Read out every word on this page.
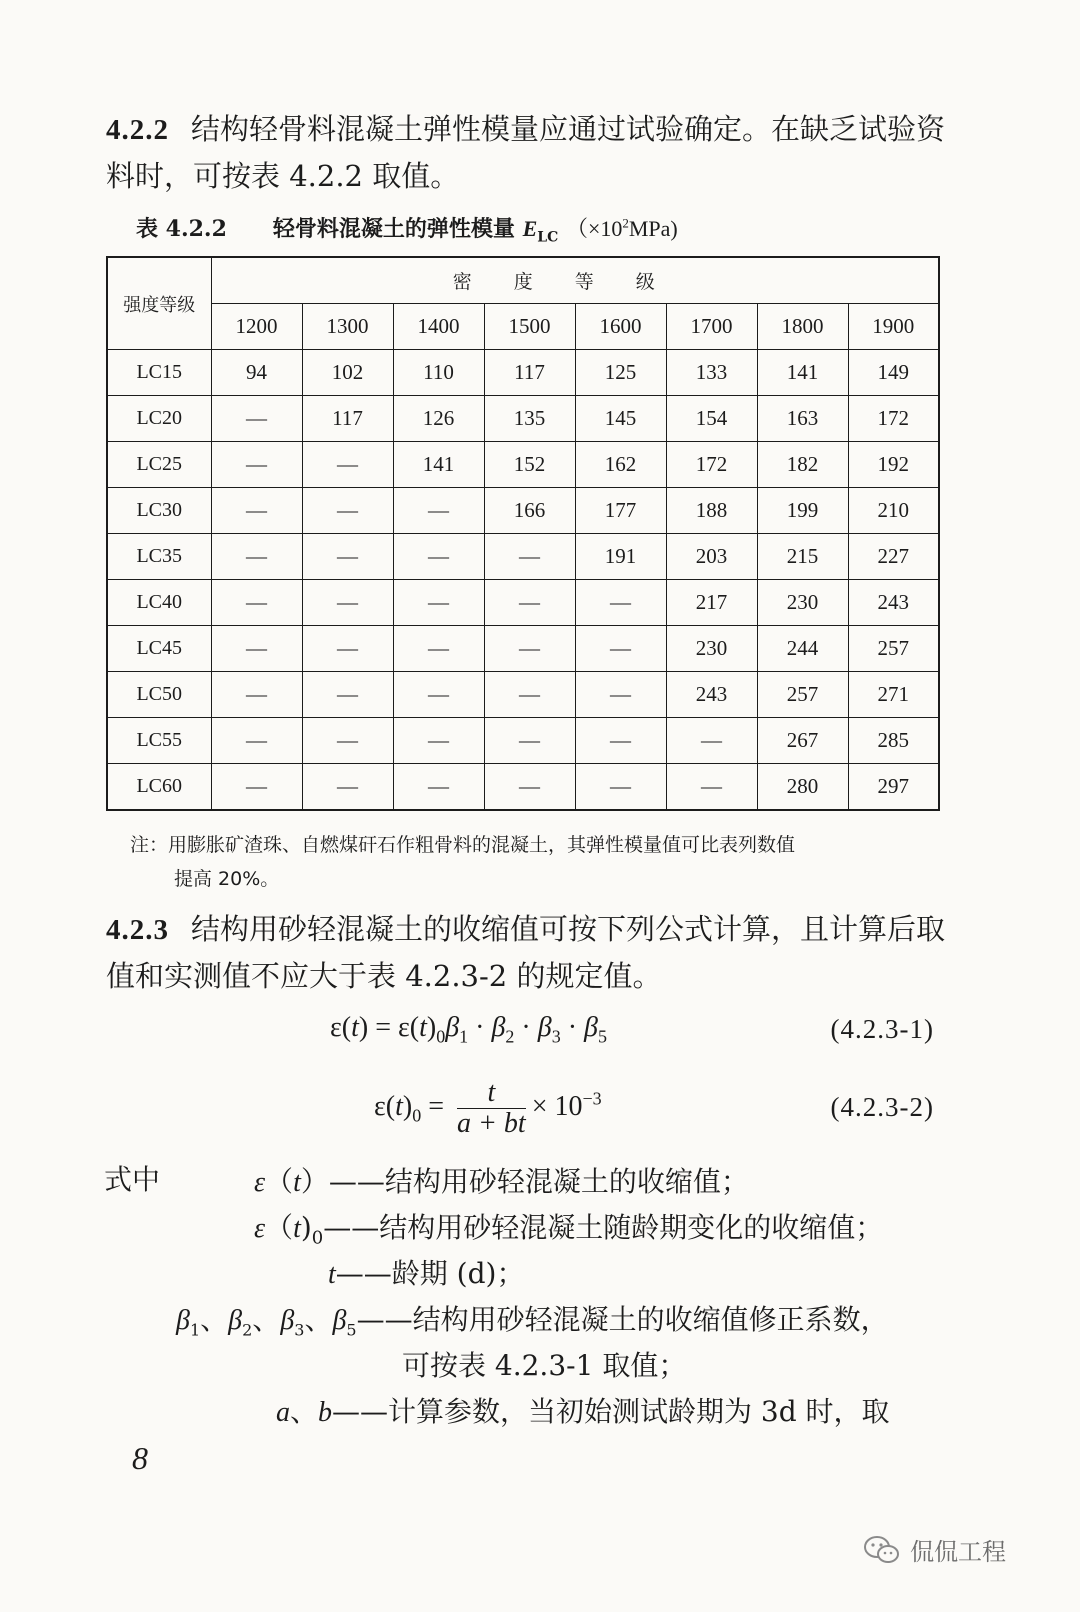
4.2.2 结构轻骨料混凝土弹性模量应通过试验确定。在缺乏试验资料时，可按表 4.2.2 取值。

表 4.2.2 轻骨料混凝土的弹性模量 $E_{LC}$ $(\times 10^2MPa)$
强度等级	密度等级							
	1200	1300	1400	1500	1600	1700	1800	1900
LC15	94	102	110	117	125	133	141	149
LC20	—	117	126	135	145	154	163	172
LC25	—	—	141	152	162	172	182	192
LC30	—	—	—	166	177	188	199	210
LC35	—	—	—	—	191	203	215	227
LC40	—	—	—	—	—	217	230	243
LC45	—	—	—	—	—	230	244	257
LC50	—	—	—	—	—	243	257	271
LC55	—	—	—	—	—	—	267	285
LC60	—	—	—	—	—	—	280	297
注：用膨胀矿渣珠、自燃煤矸石作粗骨料的混凝土，其弹性模量值可比表列数值
提高 20%。

4.2.3 结构用砂轻混凝土的收缩值可按下列公式计算，且计算后取值和实测值不应大于表 4.2.3-2 的规定值。

$\varepsilon(t) = \varepsilon(t)_0\beta_1 \cdot \beta_2 \cdot \beta_3 \cdot \beta_5$	(4.2.3-1)
$\varepsilon(t)_0 = \frac{t}{a + bt} \times 10^{-3}$	(4.2.3-2)
式中	ε（t）——结构用砂轻混凝土的收缩值；
$\varepsilon(t)_0——$结构用砂轻混凝土随龄期变化的收缩值；
t——龄期 (d)；
$\beta_1$、$\beta_2$、$\beta_3$、$\beta_5——$结构用砂轻混凝土的收缩值修正系数，
可按表 4.2.3-1 取值；
a、b——计算参数，当初始测试龄期为 3d 时，取
8
侃侃工程
